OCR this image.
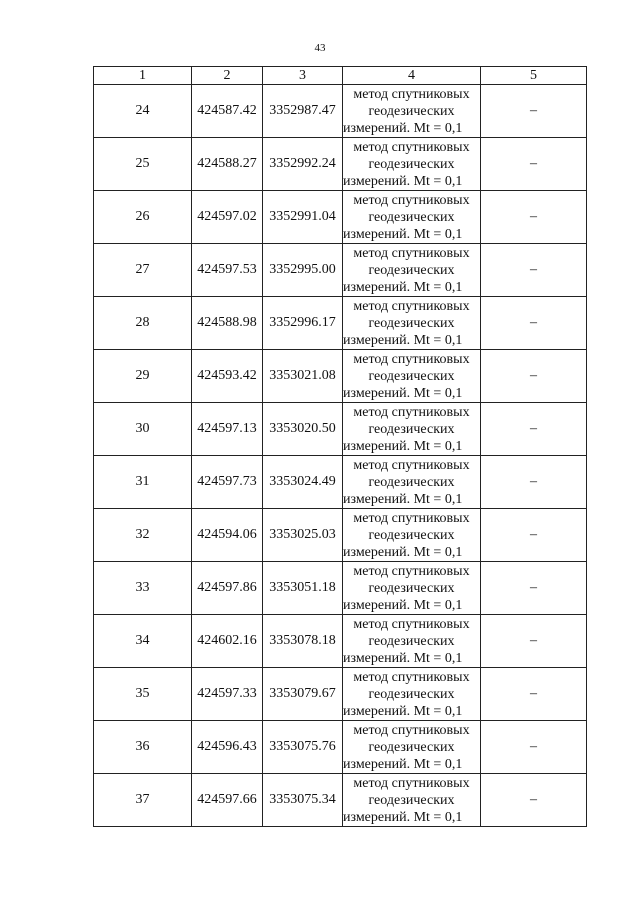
43
1	2	3	4	5
24	424587.42	3352987.47	метод спутниковых
геодезических
измерений. Mt = 0,1	–
25	424588.27	3352992.24	метод спутниковых
геодезических
измерений. Mt = 0,1	–
26	424597.02	3352991.04	метод спутниковых
геодезических
измерений. Mt = 0,1	–
27	424597.53	3352995.00	метод спутниковых
геодезических
измерений. Mt = 0,1	–
28	424588.98	3352996.17	метод спутниковых
геодезических
измерений. Mt = 0,1	–
29	424593.42	3353021.08	метод спутниковых
геодезических
измерений. Mt = 0,1	–
30	424597.13	3353020.50	метод спутниковых
геодезических
измерений. Mt = 0,1	–
31	424597.73	3353024.49	метод спутниковых
геодезических
измерений. Mt = 0,1	–
32	424594.06	3353025.03	метод спутниковых
геодезических
измерений. Mt = 0,1	–
33	424597.86	3353051.18	метод спутниковых
геодезических
измерений. Mt = 0,1	–
34	424602.16	3353078.18	метод спутниковых
геодезических
измерений. Mt = 0,1	–
35	424597.33	3353079.67	метод спутниковых
геодезических
измерений. Mt = 0,1	–
36	424596.43	3353075.76	метод спутниковых
геодезических
измерений. Mt = 0,1	–
37	424597.66	3353075.34	метод спутниковых
геодезических
измерений. Mt = 0,1	–
